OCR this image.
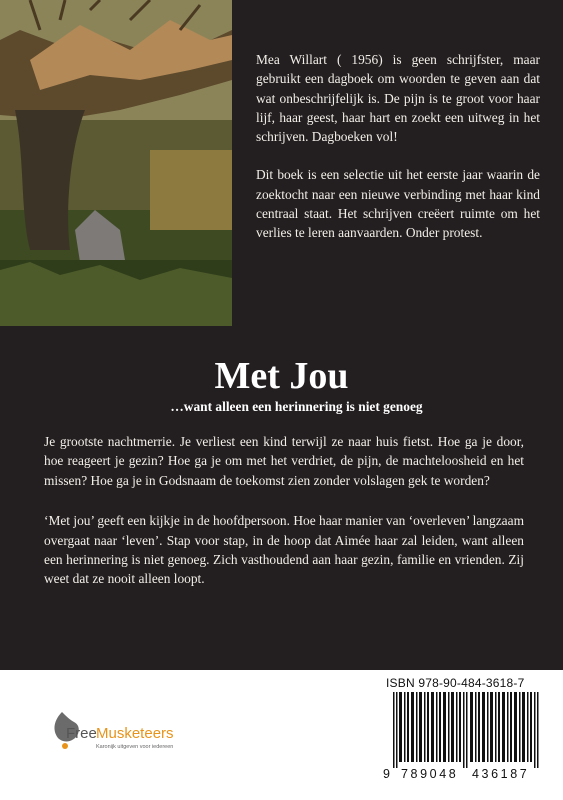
Mea Willart ( 1956) is geen schrijfster, maar gebruikt een dagboek om woorden te geven aan dat wat onbeschrijfelijk is. De pijn is te groot voor haar lijf, haar geest, haar hart en zoekt een uitweg in het schrijven. Dagboeken vol!

Dit boek is een selectie uit het eerste jaar waarin de zoektocht naar een nieuwe verbinding met haar kind centraal staat. Het schrijven creëert ruimte om het verlies te leren aanvaarden. Onder protest.

Met Jou
…want alleen een herinnering is niet genoeg

Je grootste nachtmerrie. Je verliest een kind terwijl ze naar huis fietst. Hoe ga je door, hoe reageert je gezin? Hoe ga je om met het verdriet, de pijn, de machteloosheid en het missen? Hoe ga je in Godsnaam de toekomst zien zonder volslagen gek te worden?

‘Met jou’ geeft een kijkje in de hoofdpersoon. Hoe haar manier van ‘overleven’ langzaam overgaat naar ‘leven’. Stap voor stap, in de hoop dat Aimée haar zal leiden, want alleen een herinnering is niet genoeg. Zich vasthoudend aan haar gezin, familie en vrienden. Zij weet dat ze nooit alleen loopt.

Free Musketeers
Karonijk uitgeven voor iedereen
ISBN 978-90-484-3618-7
9 789048 436187
